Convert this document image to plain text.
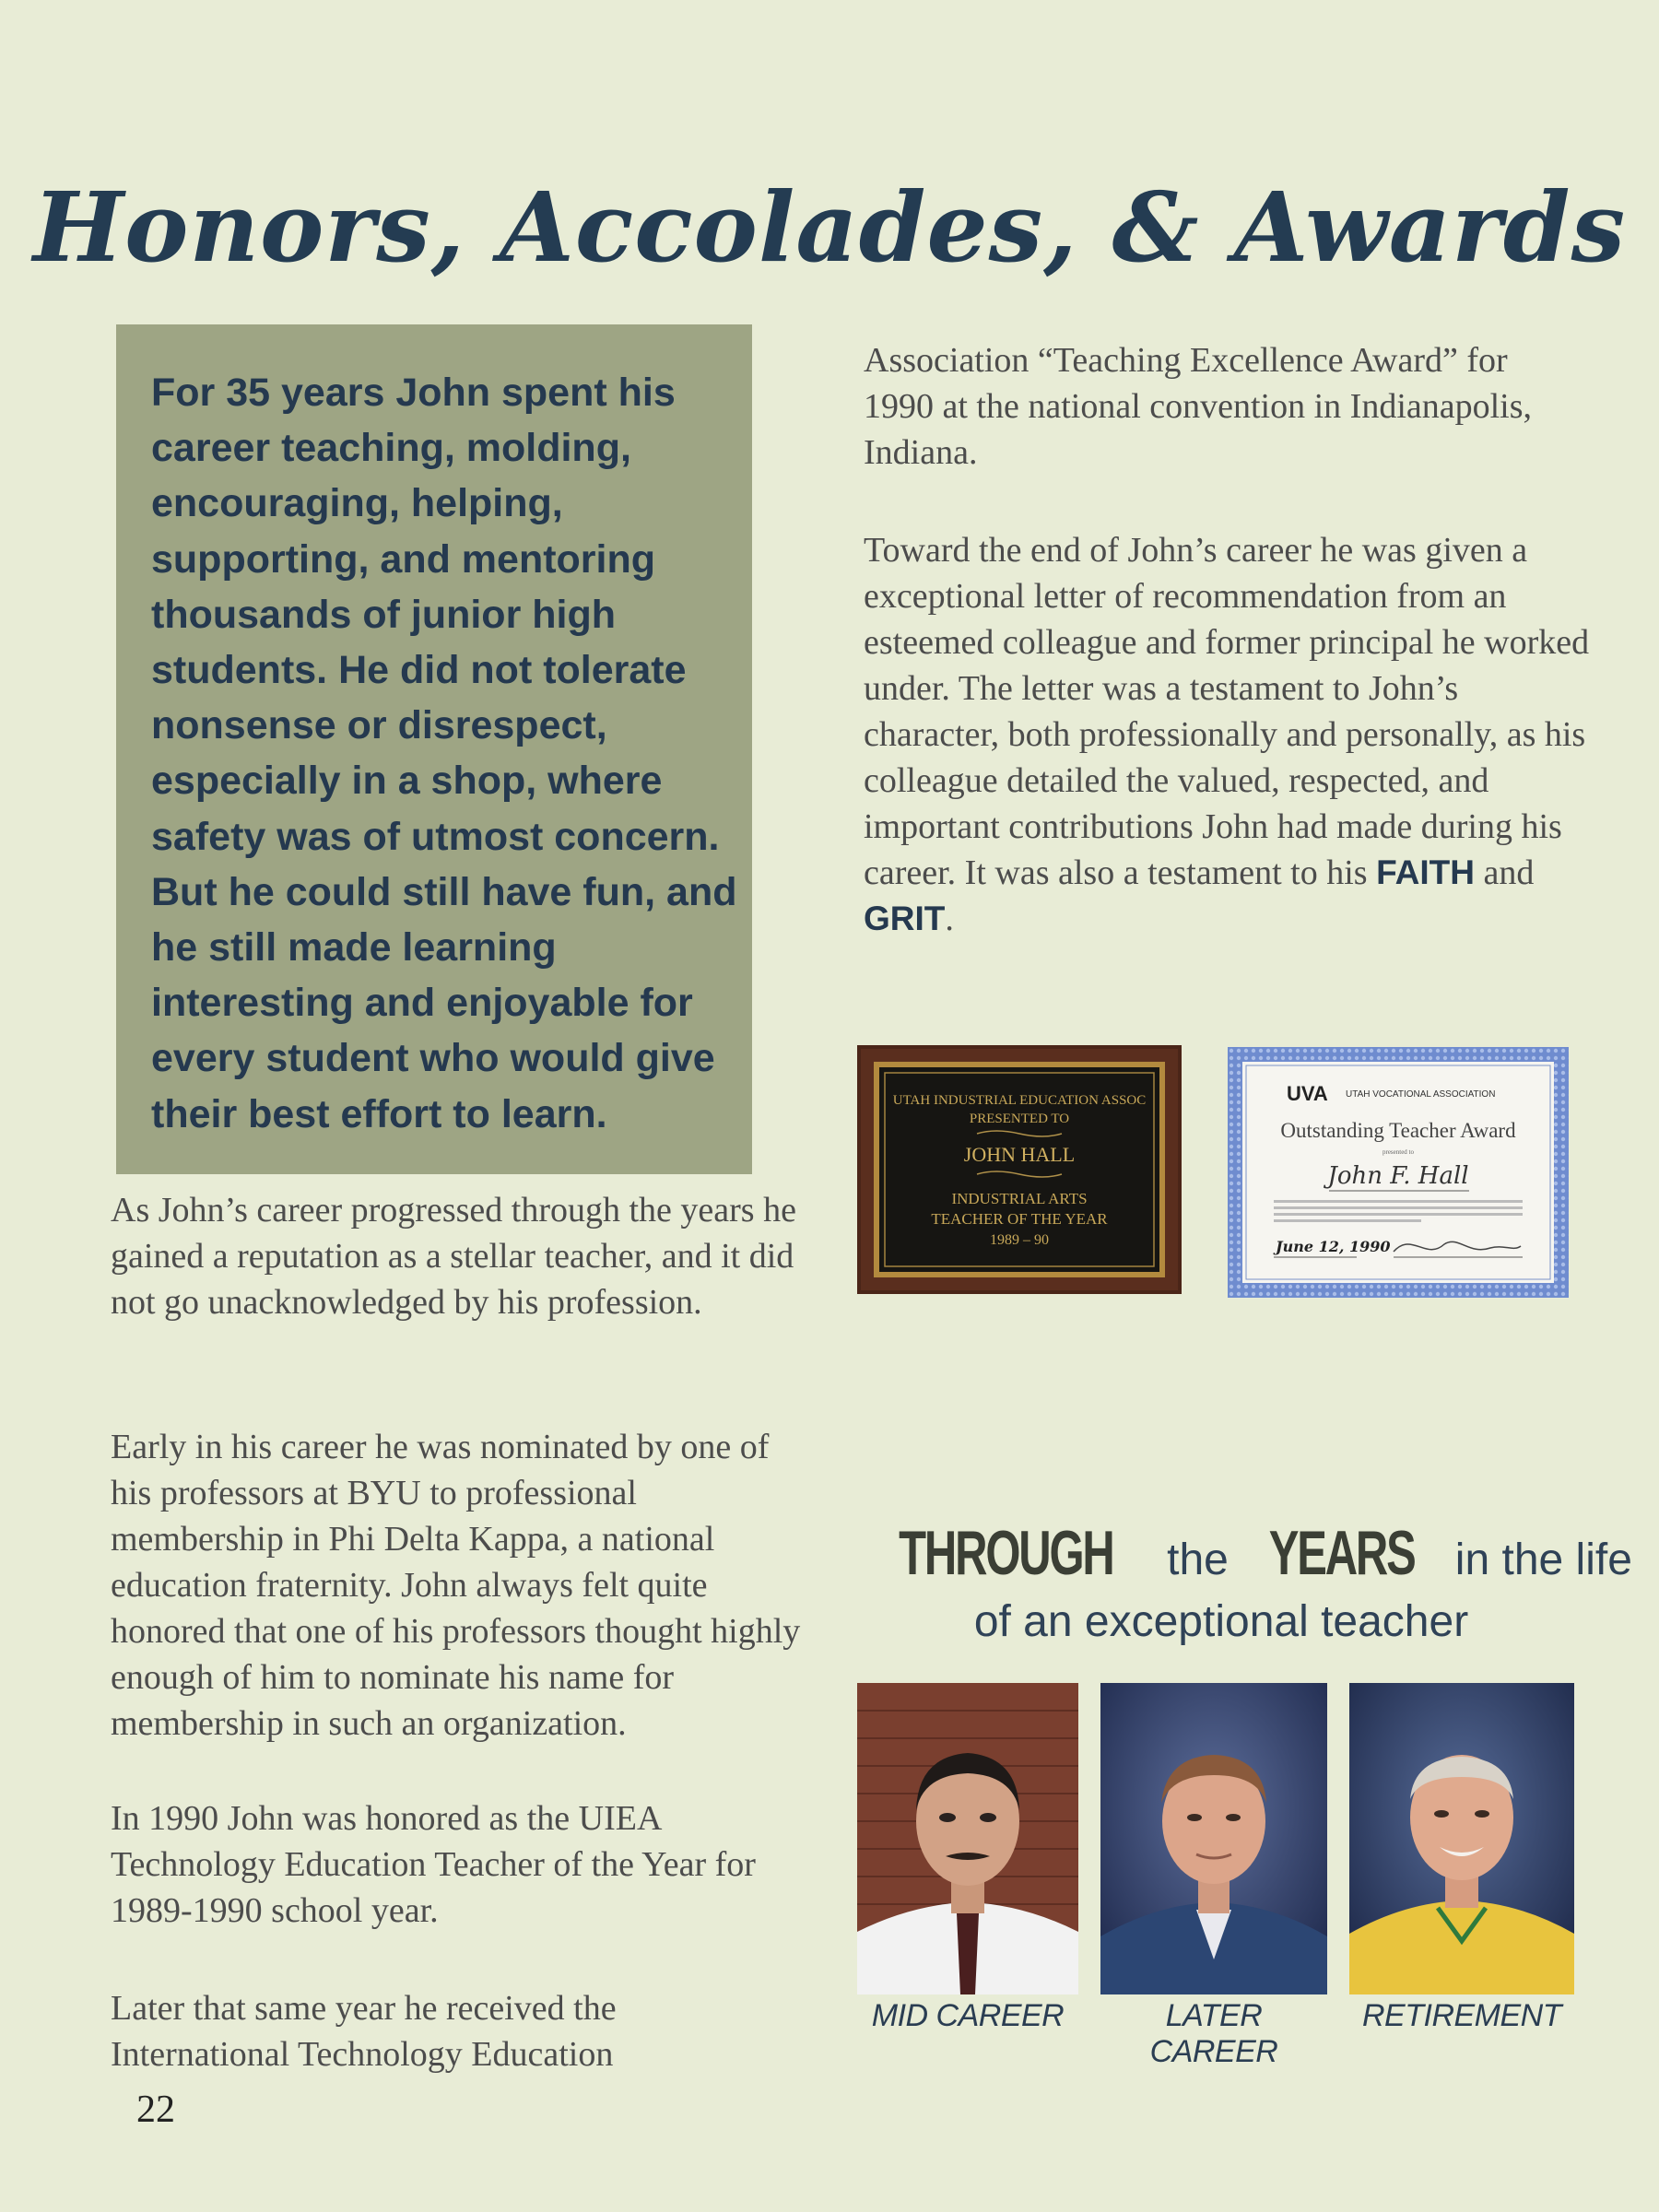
Honors, Accolades, & Awards
For 35 years John spent his career teaching, molding, encouraging, helping, supporting, and mentoring thousands of junior high students. He did not tolerate nonsense or disrespect, especially in a shop, where safety was of utmost concern. But he could still have fun, and he still made learning interesting and enjoyable for every student who would give their best effort to learn.
As John’s career progressed through the years he gained a reputation as a stellar teacher, and it did not go unacknowledged by his profession.
Early in his career he was nominated by one of his professors at BYU to professional membership in Phi Delta Kappa, a national education fraternity. John always felt quite honored that one of his professors thought highly enough of him to nominate his name for membership in such an organization.
In 1990 John was honored as the UIEA Technology Education Teacher of the Year for 1989-1990 school year.
Later that same year he received the International Technology Education
Association “Teaching Excellence Award” for 1990 at the national convention in Indianapolis, Indiana.
Toward the end of John’s career he was given a exceptional letter of recommendation from an esteemed colleague and former principal he worked under. The letter was a testament to John’s character, both professionally and personally, as his colleague detailed the valued, respected, and important contributions John had made during his career. It was also a testament to his FAITH and GRIT.
UTAH INDUSTRIAL EDUCATION ASSOC
PRESENTED TO
JOHN HALL
INDUSTRIAL ARTS
TEACHER OF THE YEAR
1989 – 90
UVA UTAH VOCATIONAL ASSOCIATION
Outstanding Teacher Award
presented to
John F. Hall
June 12, 1990
THROUGH the YEARS in the life
of an exceptional teacher
MID CAREER	LATER CAREER
RETIREMENT
22
